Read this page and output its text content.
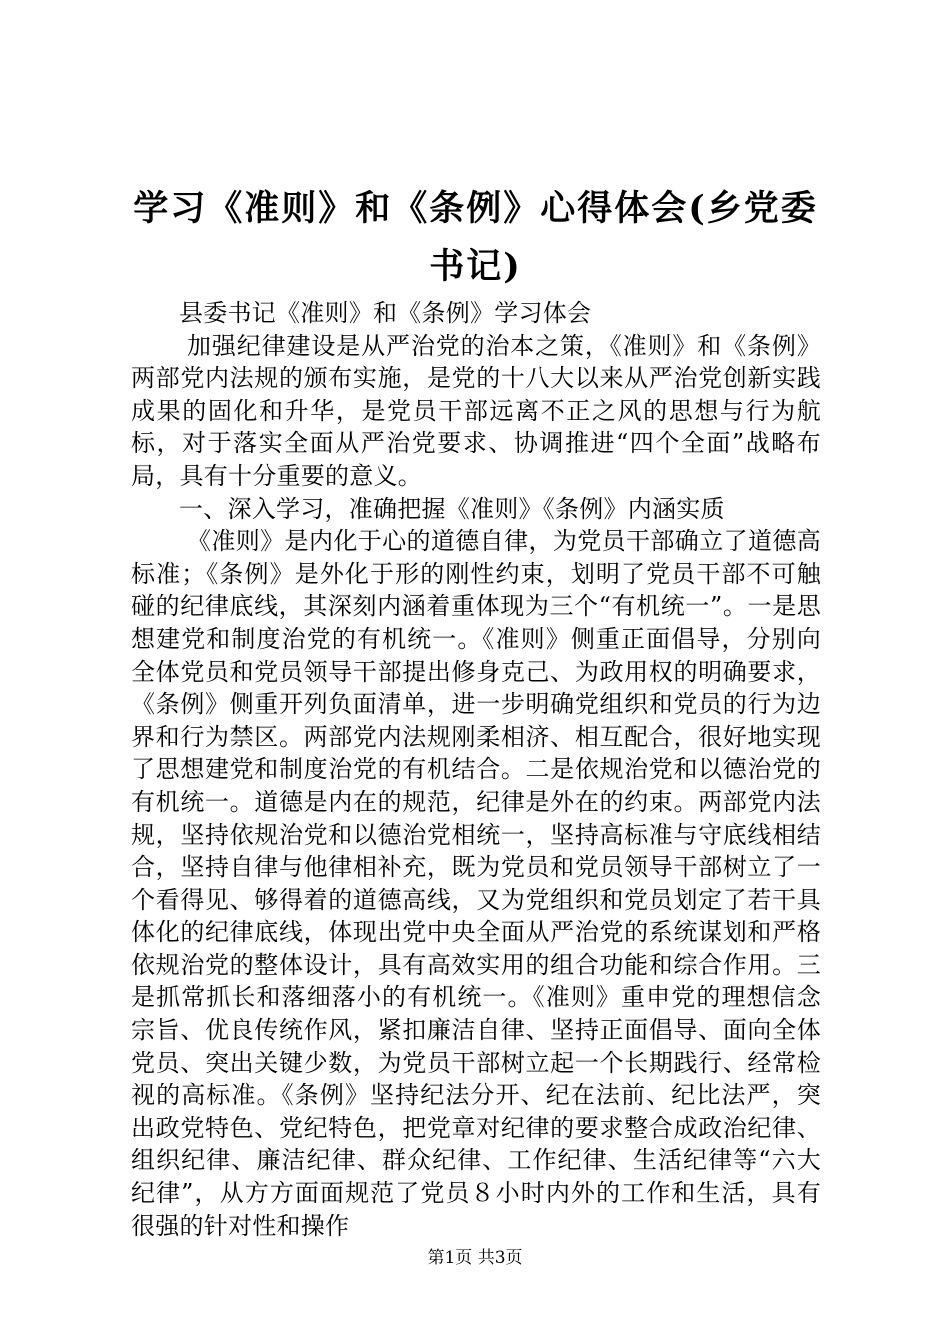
学习《准则》和《条例》心得体会(乡党委书记)

县委书记《准则》和《条例》学习体会

加强纪律建设是从严治党的治本之策，《准则》和《条例》两部党内法规的颁布实施，是党的十八大以来从严治党创新实践成果的固化和升华，是党员干部远离不正之风的思想与行为航标，对于落实全面从严治党要求、协调推进“四个全面”战略布局，具有十分重要的意义。

一、深入学习，准确把握《准则》《条例》内涵实质

《准则》是内化于心的道德自律，为党员干部确立了道德高标准；《条例》是外化于形的刚性约束，划明了党员干部不可触碰的纪律底线，其深刻内涵着重体现为三个“有机统一”。一是思想建党和制度治党的有机统一。《准则》侧重正面倡导，分别向全体党员和党员领导干部提出修身克己、为政用权的明确要求，《条例》侧重开列负面清单，进一步明确党组织和党员的行为边界和行为禁区。两部党内法规刚柔相济、相互配合，很好地实现了思想建党和制度治党的有机结合。二是依规治党和以德治党的有机统一。道德是内在的规范，纪律是外在的约束。两部党内法规，坚持依规治党和以德治党相统一，坚持高标准与守底线相结合，坚持自律与他律相补充，既为党员和党员领导干部树立了一个看得见、够得着的道德高线，又为党组织和党员划定了若干具体化的纪律底线，体现出党中央全面从严治党的系统谋划和严格依规治党的整体设计，具有高效实用的组合功能和综合作用。三是抓常抓长和落细落小的有机统一。《准则》重申党的理想信念宗旨、优良传统作风，紧扣廉洁自律、坚持正面倡导、面向全体党员、突出关键少数，为党员干部树立起一个长期践行、经常检视的高标准。《条例》坚持纪法分开、纪在法前、纪比法严，突出政党特色、党纪特色，把党章对纪律的要求整合成政治纪律、组织纪律、廉洁纪律、群众纪律、工作纪律、生活纪律等“六大纪律”，从方方面面规范了党员８小时内外的工作和生活，具有很强的针对性和操作

第1页 共3页
